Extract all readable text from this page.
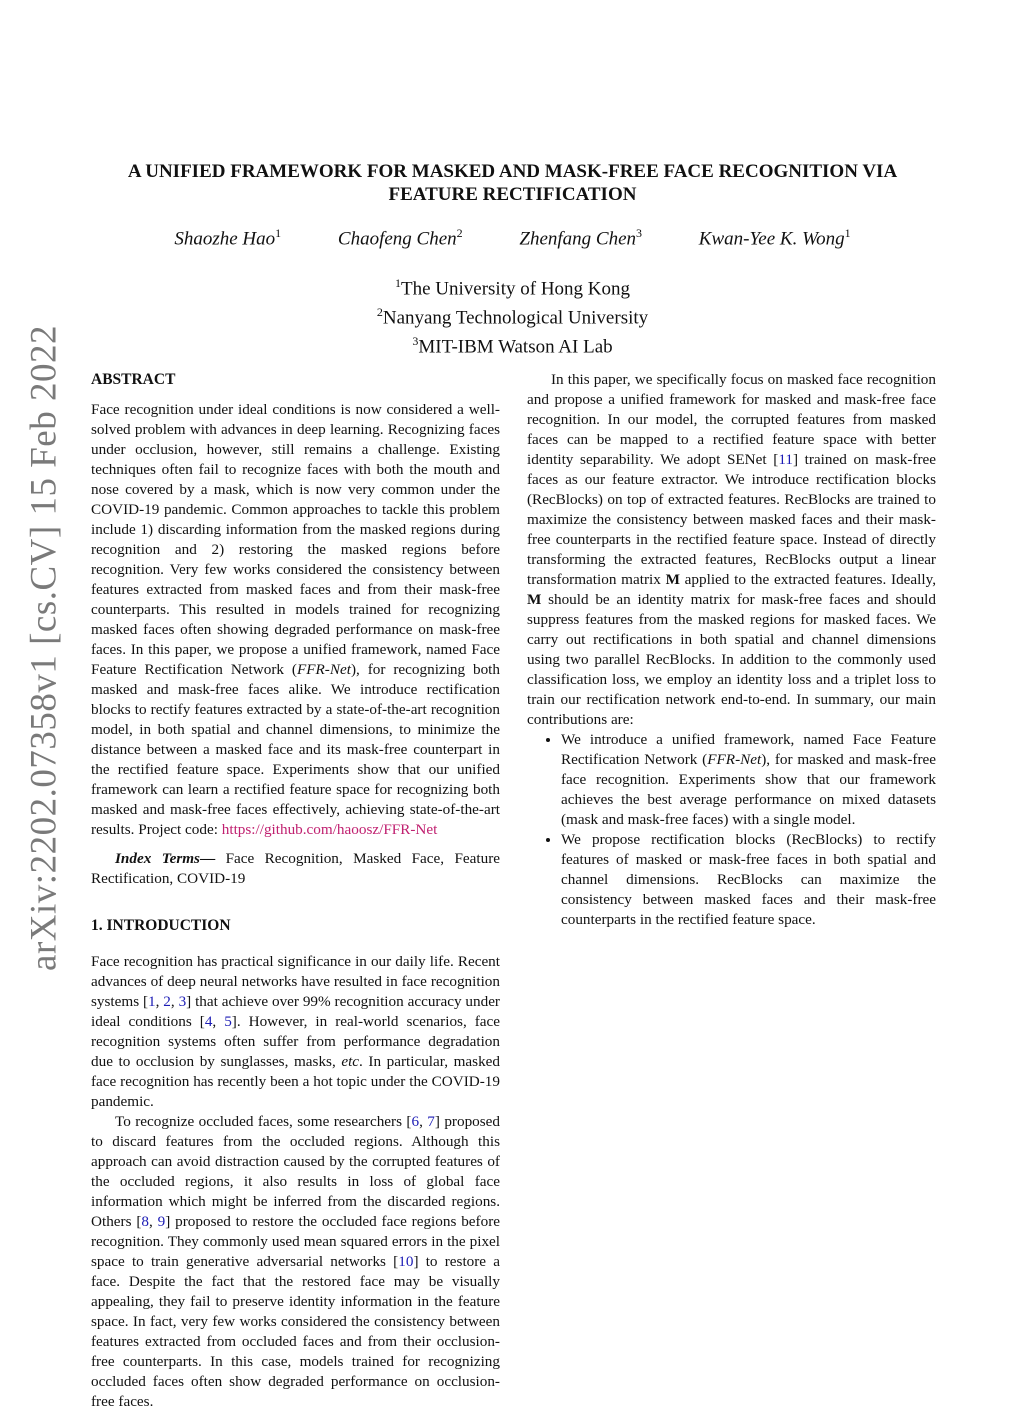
arXiv:2202.07358v1 [cs.CV] 15 Feb 2022
A UNIFIED FRAMEWORK FOR MASKED AND MASK-FREE FACE RECOGNITION VIA
FEATURE RECTIFICATION
Shaozhe Hao$^1$	Chaofeng Chen$^2$	Zhenfang Chen$^3$	Kwan-Yee K. Wong$^1$
$^1$The University of Hong Kong
$^2$Nanyang Technological University
$^3$MIT-IBM Watson AI Lab

ABSTRACT

Face recognition under ideal conditions is now considered a well-solved problem with advances in deep learning. Recognizing faces under occlusion, however, still remains a challenge. Existing techniques often fail to recognize faces with both the mouth and nose covered by a mask, which is now very common under the COVID-19 pandemic. Common approaches to tackle this problem include 1) discarding information from the masked regions during recognition and 2) restoring the masked regions before recognition. Very few works considered the consistency between features extracted from masked faces and from their mask-free counterparts. This resulted in models trained for recognizing masked faces often showing degraded performance on mask-free faces. In this paper, we propose a unified framework, named Face Feature Rectification Network (FFR-Net), for recognizing both masked and mask-free faces alike. We introduce rectification blocks to rectify features extracted by a state-of-the-art recognition model, in both spatial and channel dimensions, to minimize the distance between a masked face and its mask-free counterpart in the rectified feature space. Experiments show that our unified framework can learn a rectified feature space for recognizing both masked and mask-free faces effectively, achieving state-of-the-art results. Project code: https://github.com/haoosz/FFR-Net

Index Terms— Face Recognition, Masked Face, Feature Rectification, COVID-19

1. INTRODUCTION

Face recognition has practical significance in our daily life. Recent advances of deep neural networks have resulted in face recognition systems [1, 2, 3] that achieve over 99% recognition accuracy under ideal conditions [4, 5]. However, in real-world scenarios, face recognition systems often suffer from performance degradation due to occlusion by sunglasses, masks, etc. In particular, masked face recognition has recently been a hot topic under the COVID-19 pandemic.

To recognize occluded faces, some researchers [6, 7] proposed to discard features from the occluded regions. Although this approach can avoid distraction caused by the corrupted features of the occluded regions, it also results in loss of global face information which might be inferred from the discarded regions. Others [8, 9] proposed to restore the occluded face regions before recognition. They commonly used mean squared errors in the pixel space to train generative adversarial networks [10] to restore a face. Despite the fact that the restored face may be visually appealing, they fail to preserve identity information in the feature space. In fact, very few works considered the consistency between features extracted from occluded faces and from their occlusion-free counterparts. In this case, models trained for recognizing occluded faces often show degraded performance on occlusion-free faces.

In this paper, we specifically focus on masked face recognition and propose a unified framework for masked and mask-free face recognition. In our model, the corrupted features from masked faces can be mapped to a rectified feature space with better identity separability. We adopt SENet [11] trained on mask-free faces as our feature extractor. We introduce rectification blocks (RecBlocks) on top of extracted features. RecBlocks are trained to maximize the consistency between masked faces and their mask-free counterparts in the rectified feature space. Instead of directly transforming the extracted features, RecBlocks output a linear transformation matrix M applied to the extracted features. Ideally, M should be an identity matrix for mask-free faces and should suppress features from the masked regions for masked faces. We carry out rectifications in both spatial and channel dimensions using two parallel RecBlocks. In addition to the commonly used classification loss, we employ an identity loss and a triplet loss to train our rectification network end-to-end. In summary, our main contributions are:

• We introduce a unified framework, named Face Feature Rectification Network (FFR-Net), for masked and mask-free face recognition. Experiments show that our framework achieves the best average performance on mixed datasets (mask and mask-free faces) with a single model.
• We propose rectification blocks (RecBlocks) to rectify features of masked or mask-free faces in both spatial and channel dimensions. RecBlocks can maximize the consistency between masked faces and their mask-free counterparts in the rectified feature space.
